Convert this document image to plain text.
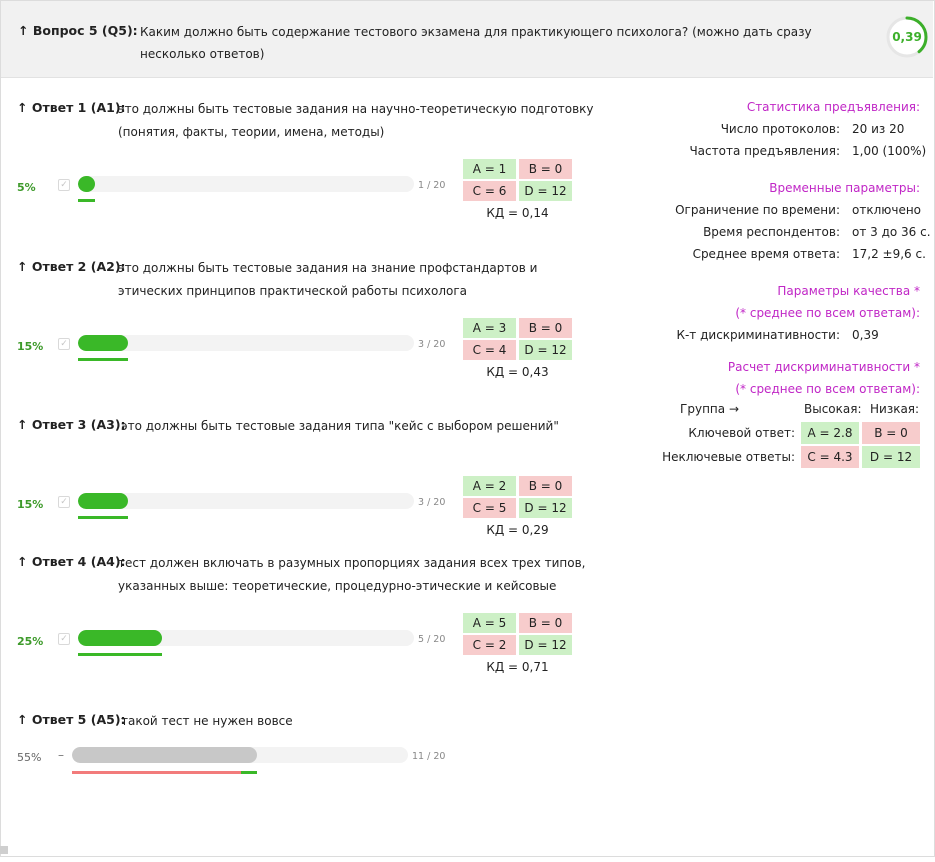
↑ Вопрос 5 (Q5): Каким должно быть содержание тестового экзамена для практикующего психолога? (можно дать сразу несколько ответов)
0,39
↑ Ответ 1 (A1):
это должны быть тестовые задания на научно-теоретическую подготовку (понятия, факты, теории, имена, методы)
5%	✓	1 / 20
A = 1	B = 0
C = 6	D = 12
КД = 0,14
↑ Ответ 2 (A2):
это должны быть тестовые задания на знание профстандартов и этических принципов практической работы психолога
15% ✓	3 / 20
A = 3	B = 0
C = 4	D = 12
КД = 0,43
↑ Ответ 3 (A3):
это должны быть тестовые задания типа "кейс с выбором решений"
15% ✓	3 / 20
A = 2	B = 0
C = 5	D = 12
КД = 0,29
↑ Ответ 4 (A4):
тест должен включать в разумных пропорциях задания всех трех типов, указанных выше: теоретические, процедурно-этические и кейсовые
25% ✓	5 / 20
A = 5	B = 0
C = 2	D = 12
КД = 0,71
↑ Ответ 5 (A5):
такой тест не нужен вовсе
55% –	11 / 20
Статистика предъявления:
Число протоколов: 20 из 20
Частота предъявления: 1,00 (100%)
Временные параметры:
Ограничение по времени: отключено
Время респондентов: от 3 до 36 с.
Среднее время ответа: 17,2 ±9,6 с.
Параметры качества *
(* среднее по всем ответам):
К-т дискриминативности: 0,39
Расчет дискриминативности *
(* среднее по всем ответам):
Группа →	Высокая: Низкая:
Ключевой ответ:	A = 2.8	B = 0
Неключевые ответы:	C = 4.3	D = 12
